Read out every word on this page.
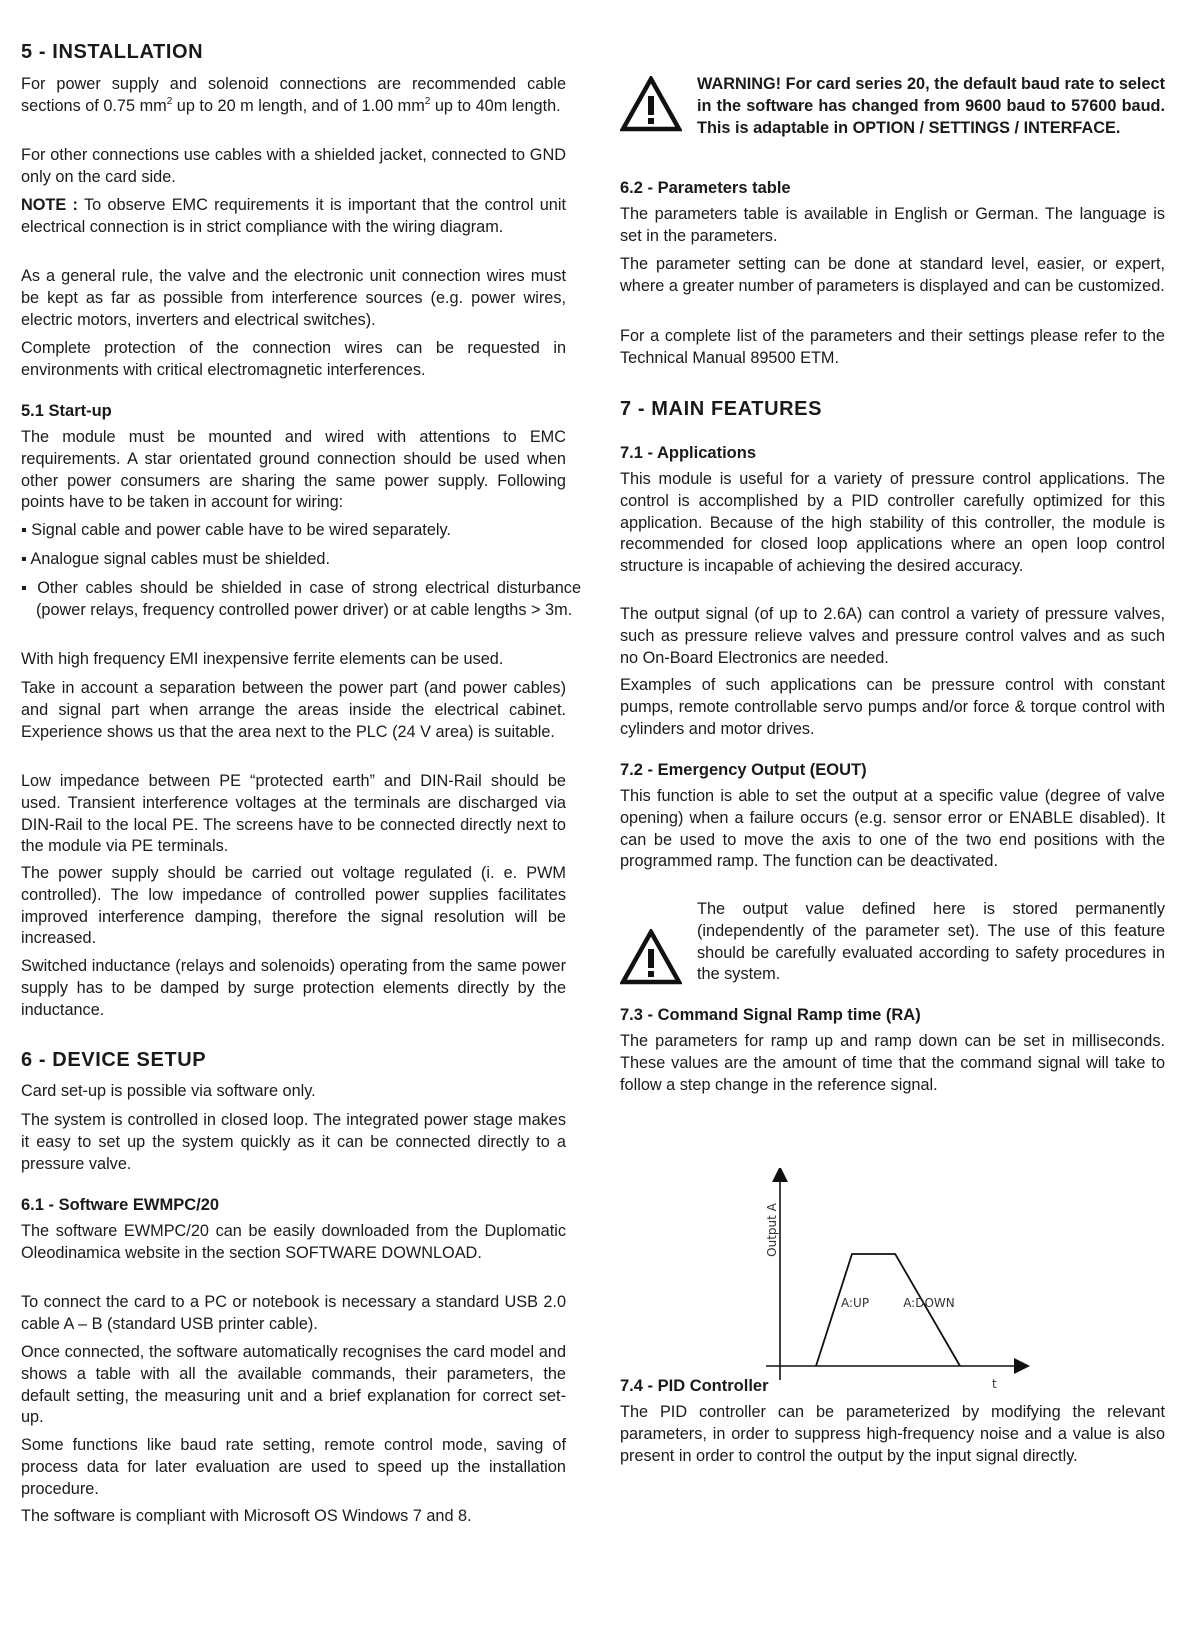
5 - INSTALLATION

For power supply and solenoid connections are recommended cable sections of 0.75 $mm^2$ up to 20 m length, and of 1.00 $mm^2$ up to 40m length.

For other connections use cables with a shielded jacket, connected to GND only on the card side.

NOTE : To observe EMC requirements it is important that the control unit electrical connection is in strict compliance with the wiring diagram.

As a general rule, the valve and the electronic unit connection wires must be kept as far as possible from interference sources (e.g. power wires, electric motors, inverters and electrical switches).

Complete protection of the connection wires can be requested in environments with critical electromagnetic interferences.

5.1 Start-up

The module must be mounted and wired with attentions to EMC requirements. A star orientated ground connection should be used when other power consumers are sharing the same power supply. Following points have to be taken in account for wiring:

▪ Signal cable and power cable have to be wired separately.

▪ Analogue signal cables must be shielded.

▪ Other cables should be shielded in case of strong electrical disturbance (power relays, frequency controlled power driver) or at cable lengths > 3m.

With high frequency EMI inexpensive ferrite elements can be used.

Take in account a separation between the power part (and power cables) and signal part when arrange the areas inside the electrical cabinet. Experience shows us that the area next to the PLC (24 V area) is suitable.

Low impedance between PE “protected earth” and DIN-Rail should be used. Transient interference voltages at the terminals are discharged via DIN-Rail to the local PE. The screens have to be connected directly next to the module via PE terminals.

The power supply should be carried out voltage regulated (i. e. PWM controlled). The low impedance of controlled power supplies facilitates improved interference damping, therefore the signal resolution will be increased.

Switched inductance (relays and solenoids) operating from the same power supply has to be damped by surge protection elements directly by the inductance.

6 - DEVICE SETUP

Card set-up is possible via software only.

The system is controlled in closed loop. The integrated power stage makes it easy to set up the system quickly as it can be connected directly to a pressure valve.

6.1 - Software EWMPC/20

The software EWMPC/20 can be easily downloaded from the Duplomatic Oleodinamica website in the section SOFTWARE DOWNLOAD.

To connect the card to a PC or notebook is necessary a standard USB 2.0 cable A – B (standard USB printer cable).

Once connected, the software automatically recognises the card model and shows a table with all the available commands, their parameters, the default setting, the measuring unit and a brief explanation for correct set-up.

Some functions like baud rate setting, remote control mode, saving of process data for later evaluation are used to speed up the installation procedure.

The software is compliant with Microsoft OS Windows 7 and 8.

WARNING! For card series 20, the default baud rate to select in the software has changed from 9600 baud to 57600 baud. This is adaptable in OPTION / SETTINGS / INTERFACE.

6.2 - Parameters table

The parameters table is available in English or German. The language is set in the parameters.

The parameter setting can be done at standard level, easier, or expert, where a greater number of parameters is displayed and can be customized.

For a complete list of the parameters and their settings please refer to the Technical Manual 89500 ETM.

7 - MAIN FEATURES
7.1 - Applications

This module is useful for a variety of pressure control applications. The control is accomplished by a PID controller carefully optimized for this application. Because of the high stability of this controller, the module is recommended for closed loop applications where an open loop control structure is incapable of achieving the desired accuracy.

The output signal (of up to 2.6A) can control a variety of pressure valves, such as pressure relieve valves and pressure control valves and as such no On-Board Electronics are needed.

Examples of such applications can be pressure control with constant pumps, remote controllable servo pumps and/or force & torque control with cylinders and motor drives.

7.2 - Emergency Output (EOUT)

This function is able to set the output at a specific value (degree of valve opening) when a failure occurs (e.g. sensor error or ENABLE disabled). It can be used to move the axis to one of the two end positions with the programmed ramp. The function can be deactivated.

The output value defined here is stored permanently (independently of the parameter set). The use of this feature should be carefully evaluated according to safety procedures in the system.

7.3 - Command Signal Ramp time (RA)

The parameters for ramp up and ramp down can be set in milliseconds. These values are the amount of time that the command signal will take to follow a step change in the reference signal.

7.4 - PID Controller

The PID controller can be parameterized by modifying the relevant parameters, in order to suppress high-frequency noise and a value is also present in order to control the output by the input signal directly.

Output A
t
A:UP	A:DOWN
